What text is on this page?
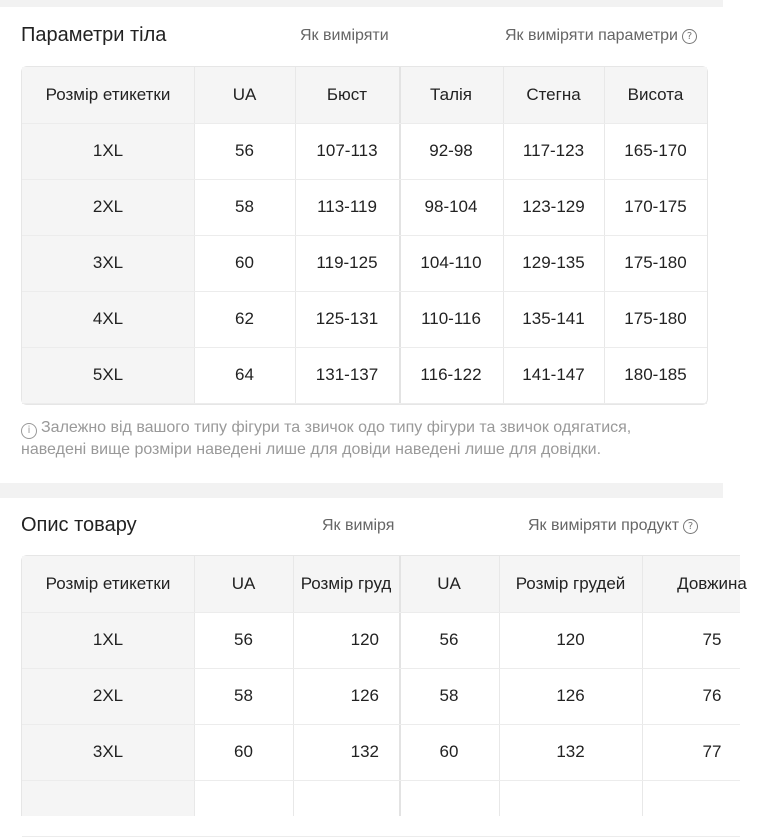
Параметри тіла	Як виміряти	Як виміряти параметри ?
Розмір етикетки	UA	Бюст	Талія	Стегна	Висота
1XL	56	107-113	92-98	117-123	165-170
2XL	58	113-119	98-104	123-129	170-175
3XL	60	119-125	104-110	129-135	175-180
4XL	62	125-131	110-116	135-141	175-180
5XL	64	131-137	116-122	141-147	180-185
i Залежно від вашого типу фігури та звичок одо типу фігури та звичок одягатися,
наведені вище розміри наведені лише для довіди наведені лише для довідки.
Опис товару	Як виміря	Як виміряти продукт ?
Розмір етикетки	UA	Розмір груд	UA	Розмір грудей	Довжина
1XL	56	120	56	120	75
2XL	58	126	58	126	76
3XL	60	132	60	132	77
